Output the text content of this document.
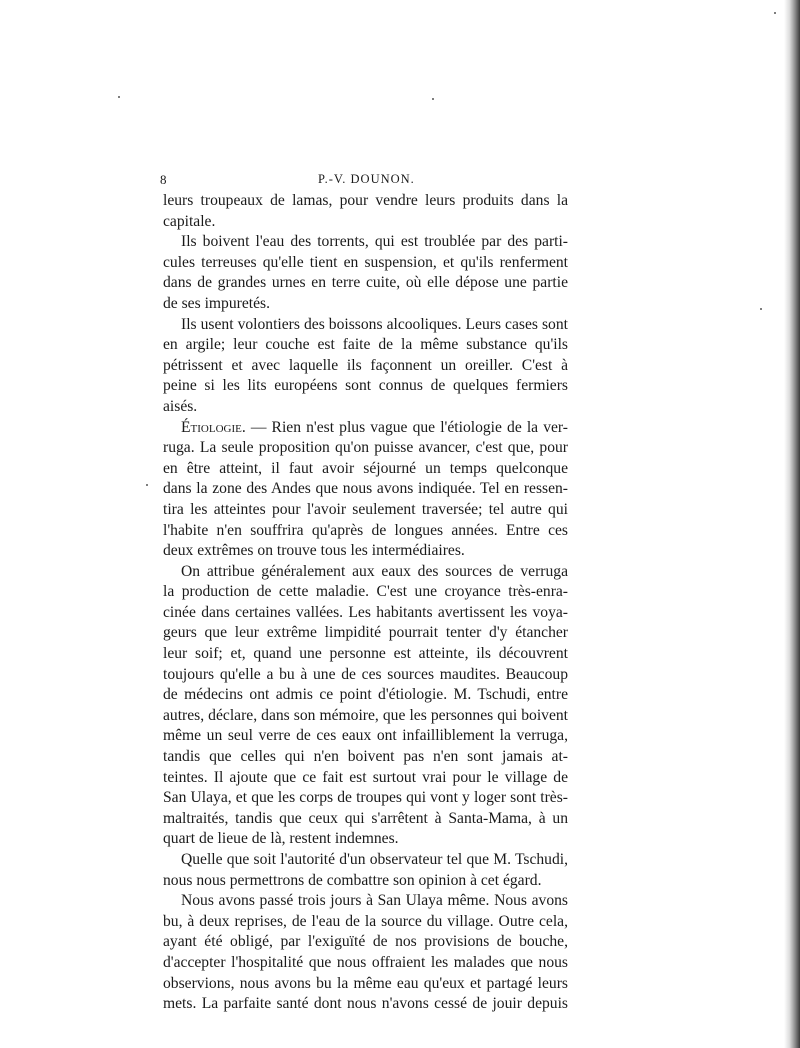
8	P.-V. DOUNON.
leurs troupeaux de lamas, pour vendre leurs produits dans la
capitale.
Ils boivent l'eau des torrents, qui est troublée par des parti-
cules terreuses qu'elle tient en suspension, et qu'ils renferment
dans de grandes urnes en terre cuite, où elle dépose une partie
de ses impuretés.
Ils usent volontiers des boissons alcooliques. Leurs cases sont
en argile; leur couche est faite de la même substance qu'ils
pétrissent et avec laquelle ils façonnent un oreiller. C'est à
peine si les lits européens sont connus de quelques fermiers
aisés.
Étiologie. — Rien n'est plus vague que l'étiologie de la ver-
ruga. La seule proposition qu'on puisse avancer, c'est que, pour
en être atteint, il faut avoir séjourné un temps quelconque
dans la zone des Andes que nous avons indiquée. Tel en ressen-
tira les atteintes pour l'avoir seulement traversée; tel autre qui
l'habite n'en souffrira qu'après de longues années. Entre ces
deux extrêmes on trouve tous les intermédiaires.
On attribue généralement aux eaux des sources de verruga
la production de cette maladie. C'est une croyance très-enra-
cinée dans certaines vallées. Les habitants avertissent les voya-
geurs que leur extrême limpidité pourrait tenter d'y étancher
leur soif; et, quand une personne est atteinte, ils découvrent
toujours qu'elle a bu à une de ces sources maudites. Beaucoup
de médecins ont admis ce point d'étiologie. M. Tschudi, entre
autres, déclare, dans son mémoire, que les personnes qui boivent
même un seul verre de ces eaux ont infailliblement la verruga,
tandis que celles qui n'en boivent pas n'en sont jamais at-
teintes. Il ajoute que ce fait est surtout vrai pour le village de
San Ulaya, et que les corps de troupes qui vont y loger sont très-
maltraités, tandis que ceux qui s'arrêtent à Santa-Mama, à un
quart de lieue de là, restent indemnes.
Quelle que soit l'autorité d'un observateur tel que M. Tschudi,
nous nous permettrons de combattre son opinion à cet égard.
Nous avons passé trois jours à San Ulaya même. Nous avons
bu, à deux reprises, de l'eau de la source du village. Outre cela,
ayant été obligé, par l'exiguïté de nos provisions de bouche,
d'accepter l'hospitalité que nous offraient les malades que nous
observions, nous avons bu la même eau qu'eux et partagé leurs
mets. La parfaite santé dont nous n'avons cessé de jouir depuis
